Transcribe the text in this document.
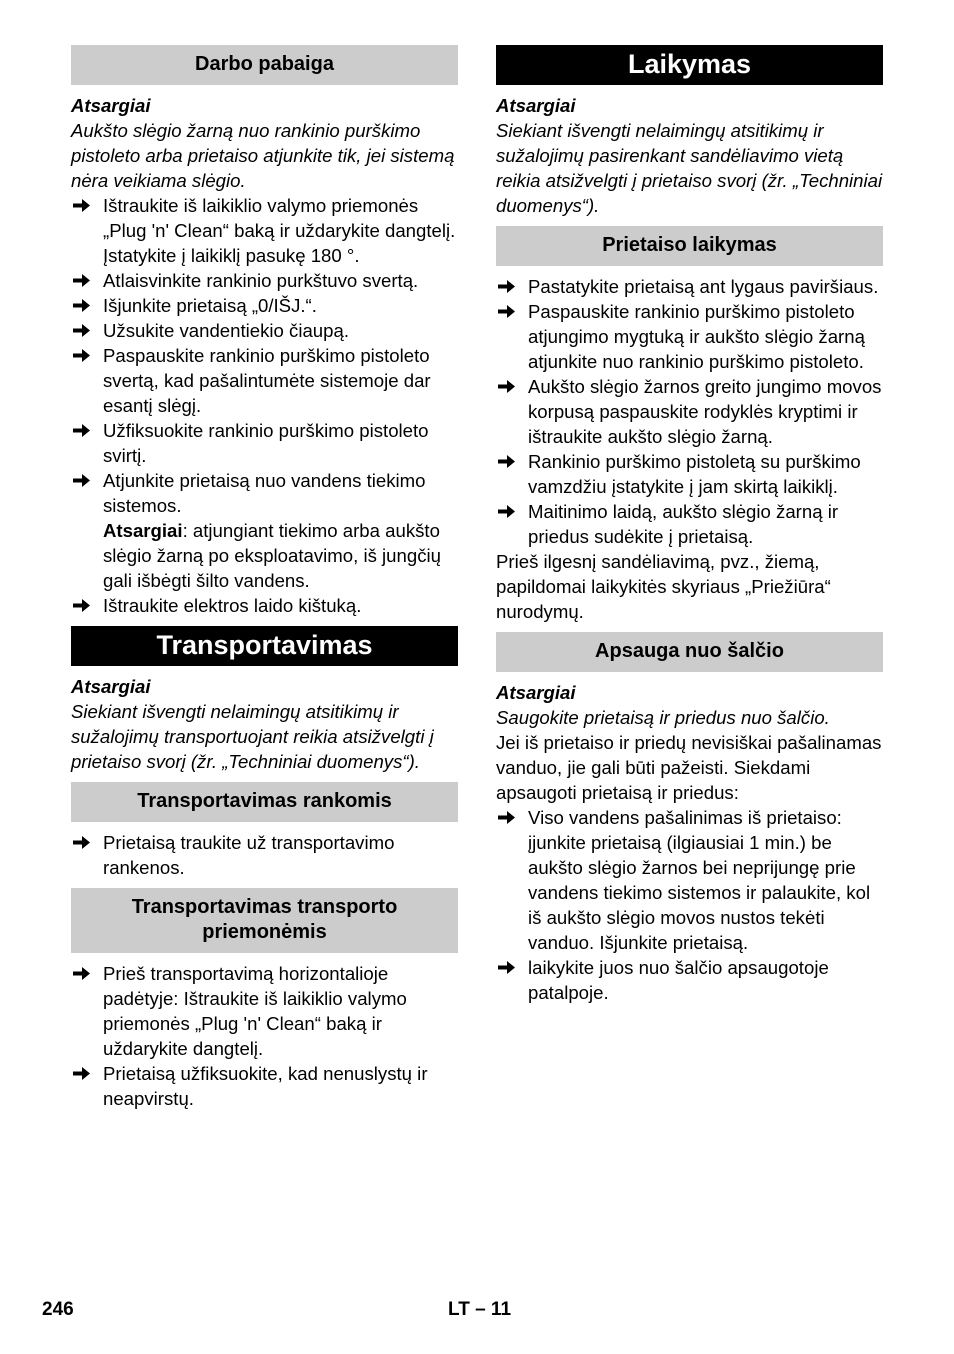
Darbo pabaiga

Atsargiai

Aukšto slėgio žarną nuo rankinio purškimo pistoleto arba prietaiso atjunkite tik, jei sistemą nėra veikiama slėgio.

Ištraukite iš laikiklio valymo priemonės „Plug 'n' Clean“ baką ir uždarykite dangtelį. Įstatykite į laikiklį pasukę 180 °.
Atlaisvinkite rankinio purkštuvo svertą.
Išjunkite prietaisą „0/IŠJ.“.
Užsukite vandentiekio čiaupą.
Paspauskite rankinio purškimo pistoleto svertą, kad pašalintumėte sistemoje dar esantį slėgį.
Užfiksuokite rankinio purškimo pistoleto svirtį.
Atjunkite prietaisą nuo vandens tiekimo sistemos.
Atsargiai: atjungiant tiekimo arba aukšto slėgio žarną po eksploatavimo, iš jungčių gali išbėgti šilto vandens.
Ištraukite elektros laido kištuką.
Transportavimas

Atsargiai

Siekiant išvengti nelaimingų atsitikimų ir sužalojimų transportuojant reikia atsižvelgti į prietaiso svorį (žr. „Techniniai duomenys“).

Transportavimas rankomis
Prietaisą traukite už transportavimo rankenos.
Transportavimas transporto priemonėmis
Prieš transportavimą horizontalioje padėtyje: Ištraukite iš laikiklio valymo priemonės „Plug 'n' Clean“ baką ir uždarykite dangtelį.
Prietaisą užfiksuokite, kad nenuslystų ir neapvirstų.
Laikymas

Atsargiai

Siekiant išvengti nelaimingų atsitikimų ir sužalojimų pasirenkant sandėliavimo vietą reikia atsižvelgti į prietaiso svorį (žr. „Techniniai duomenys“).

Prietaiso laikymas
Pastatykite prietaisą ant lygaus paviršiaus.
Paspauskite rankinio purškimo pistoleto atjungimo mygtuką ir aukšto slėgio žarną atjunkite nuo rankinio purškimo pistoleto.
Aukšto slėgio žarnos greito jungimo movos korpusą paspauskite rodyklės kryptimi ir ištraukite aukšto slėgio žarną.
Rankinio purškimo pistoletą su purškimo vamzdžiu įstatykite į jam skirtą laikiklį.
Maitinimo laidą, aukšto slėgio žarną ir priedus sudėkite į prietaisą.

Prieš ilgesnį sandėliavimą, pvz., žiemą, papildomai laikykitės skyriaus „Priežiūra“ nurodymų.

Apsauga nuo šalčio

Atsargiai

Saugokite prietaisą ir priedus nuo šalčio.

Jei iš prietaiso ir priedų nevisiškai pašalinamas vanduo, jie gali būti pažeisti. Siekdami apsaugoti prietaisą ir priedus:

Viso vandens pašalinimas iš prietaiso: įjunkite prietaisą (ilgiausiai 1 min.) be aukšto slėgio žarnos bei neprijungę prie vandens tiekimo sistemos ir palaukite, kol iš aukšto slėgio movos nustos tekėti vanduo. Išjunkite prietaisą.
laikykite juos nuo šalčio apsaugotoje patalpoje.
246	LT – 11
